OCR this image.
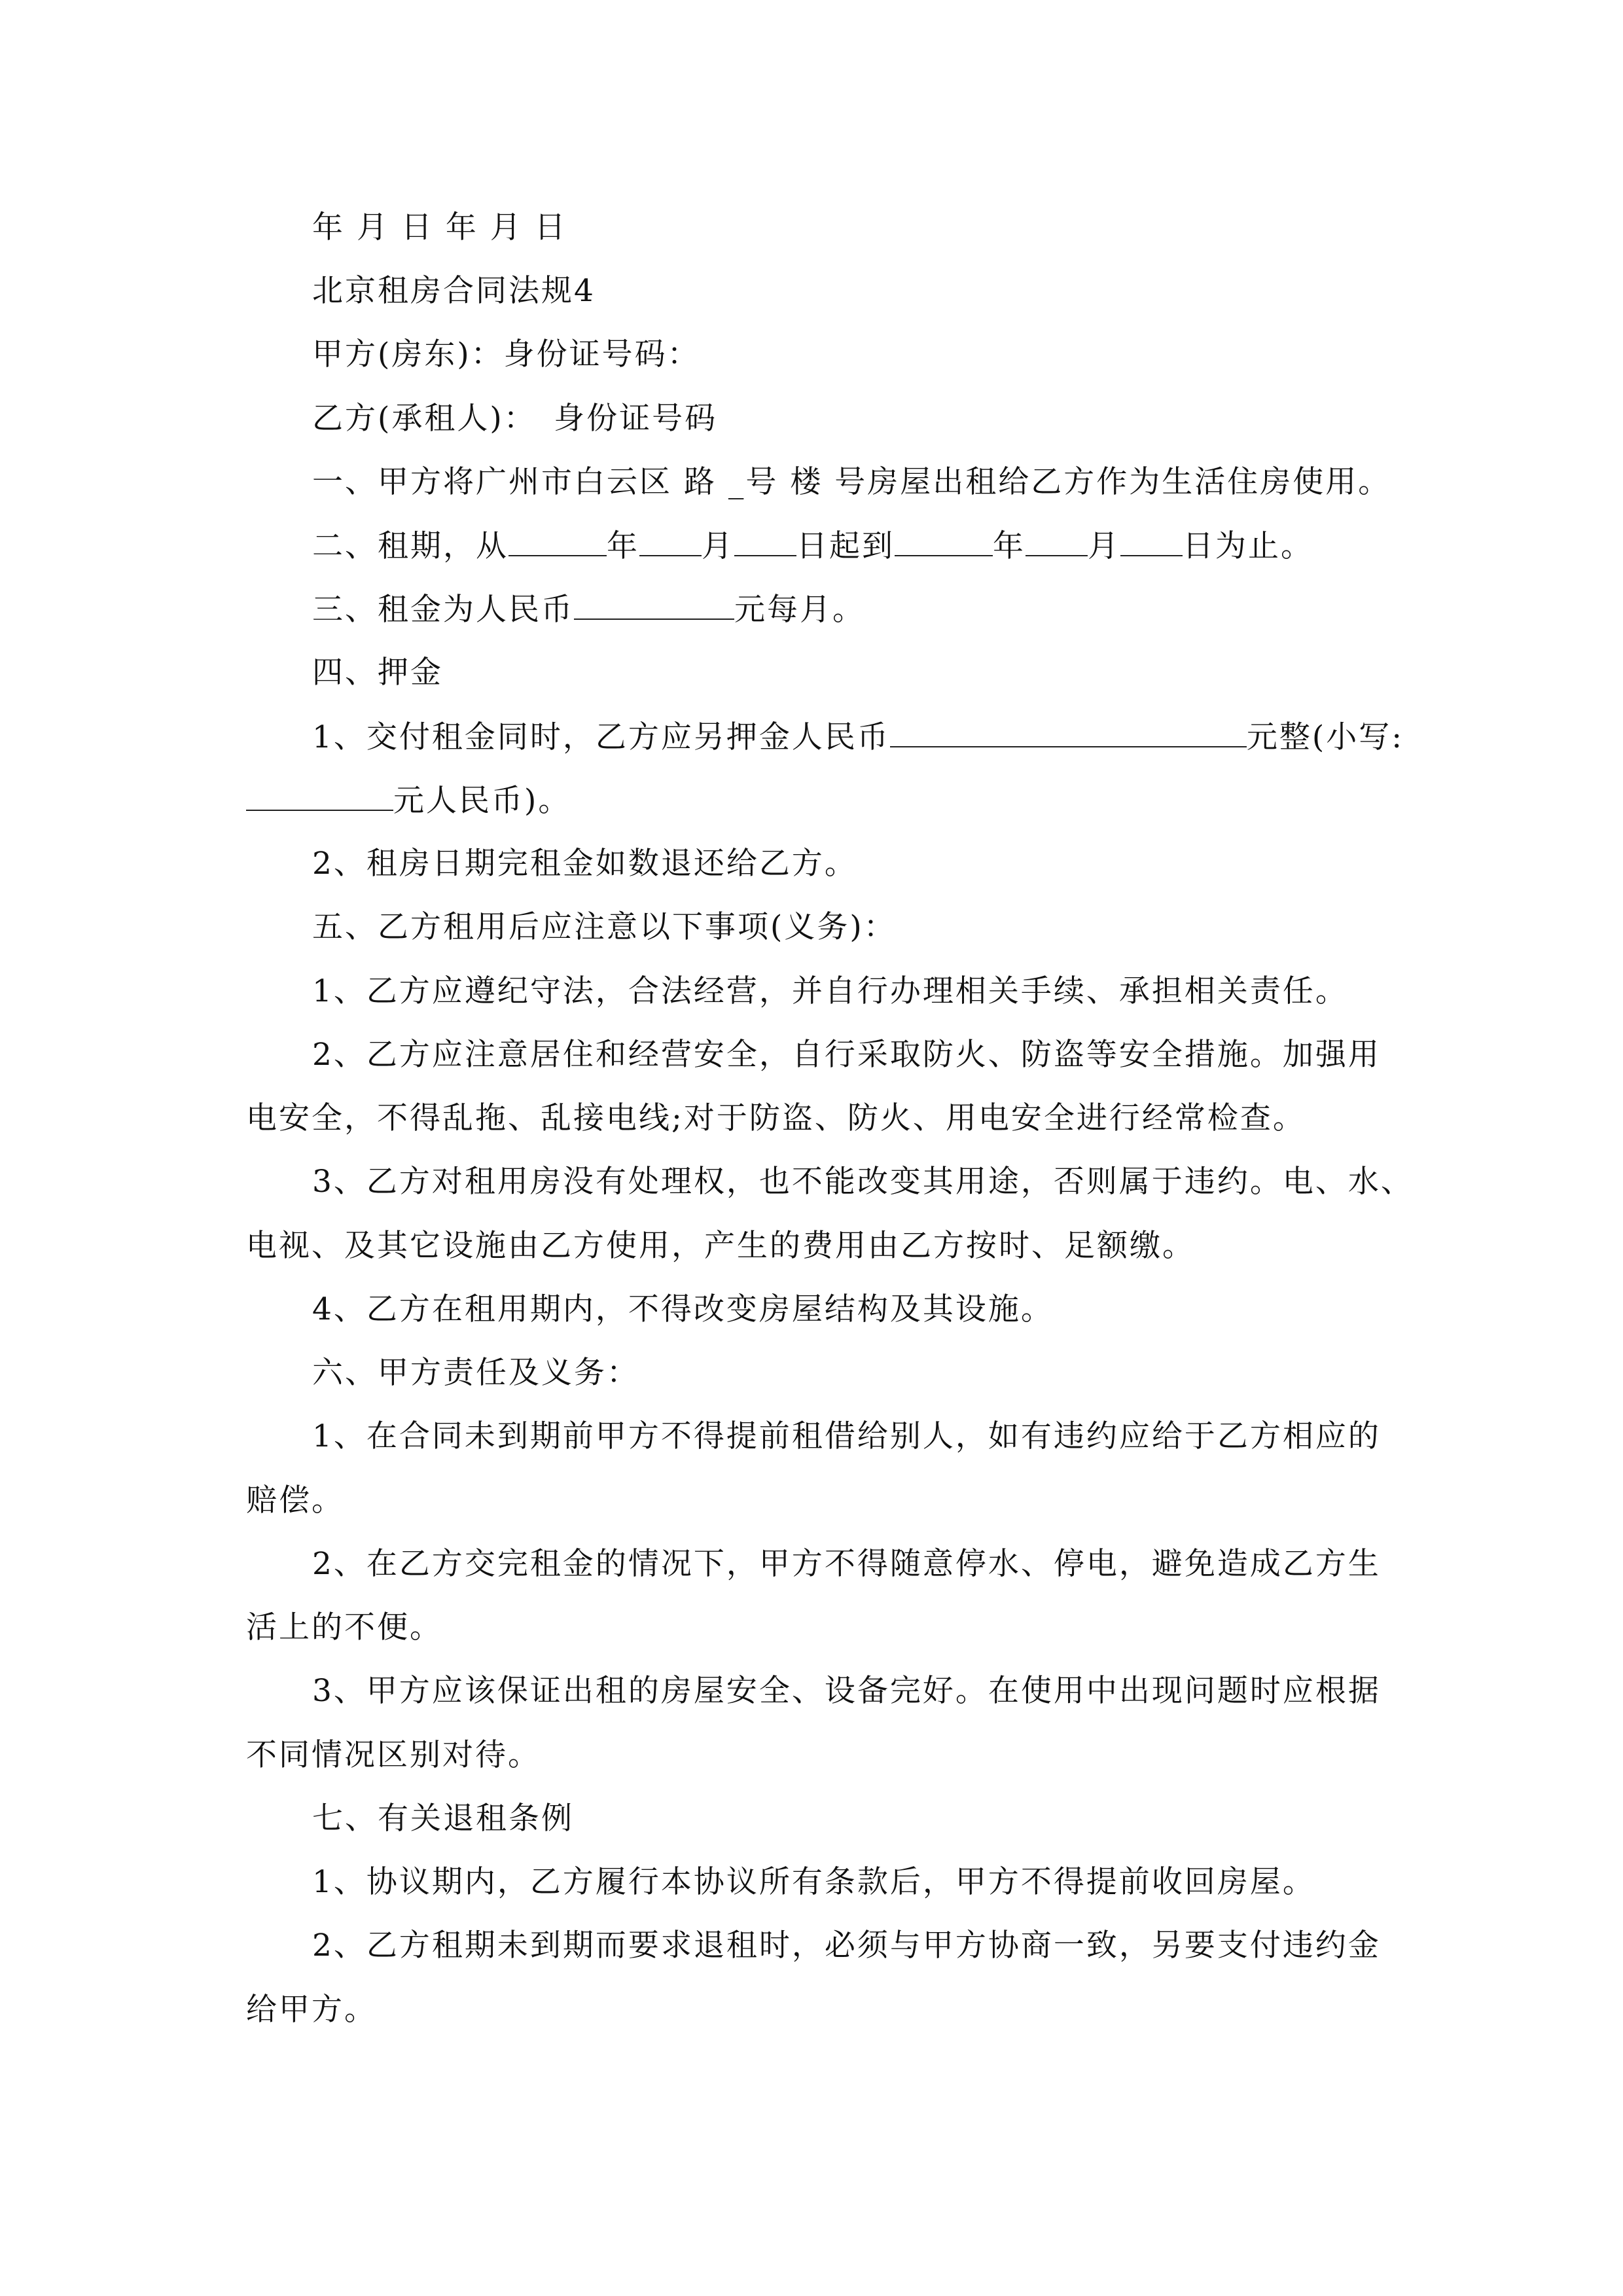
年 月 日 年 月 日
北京租房合同法规4
甲方(房东)：身份证号码：
乙方(承租人)：　身份证号码
一、甲方将广州市白云区 路 _号 楼 号房屋出租给乙方作为生活住房使用。
二、租期，从	年 月 日起到	年 月 日为止。
三、租金为人民币	元每月。
四、押金
1、交付租金同时，乙方应另押金人民币	元整(小写:
元人民币)。
2、租房日期完租金如数退还给乙方。
五、乙方租用后应注意以下事项(义务)：
1、乙方应遵纪守法，合法经营，并自行办理相关手续、承担相关责任。
2、乙方应注意居住和经营安全，自行采取防火、防盗等安全措施。加强用
电安全，不得乱拖、乱接电线;对于防盗、防火、用电安全进行经常检查。
3、乙方对租用房没有处理权，也不能改变其用途，否则属于违约。电、水、
电视、及其它设施由乙方使用，产生的费用由乙方按时、足额缴。
4、乙方在租用期内，不得改变房屋结构及其设施。
六、甲方责任及义务：
1、在合同未到期前甲方不得提前租借给别人，如有违约应给于乙方相应的
赔偿。
2、在乙方交完租金的情况下，甲方不得随意停水、停电，避免造成乙方生
活上的不便。
3、甲方应该保证出租的房屋安全、设备完好。在使用中出现问题时应根据
不同情况区别对待。
七、有关退租条例
1、协议期内，乙方履行本协议所有条款后，甲方不得提前收回房屋。
2、乙方租期未到期而要求退租时，必须与甲方协商一致，另要支付违约金
给甲方。
